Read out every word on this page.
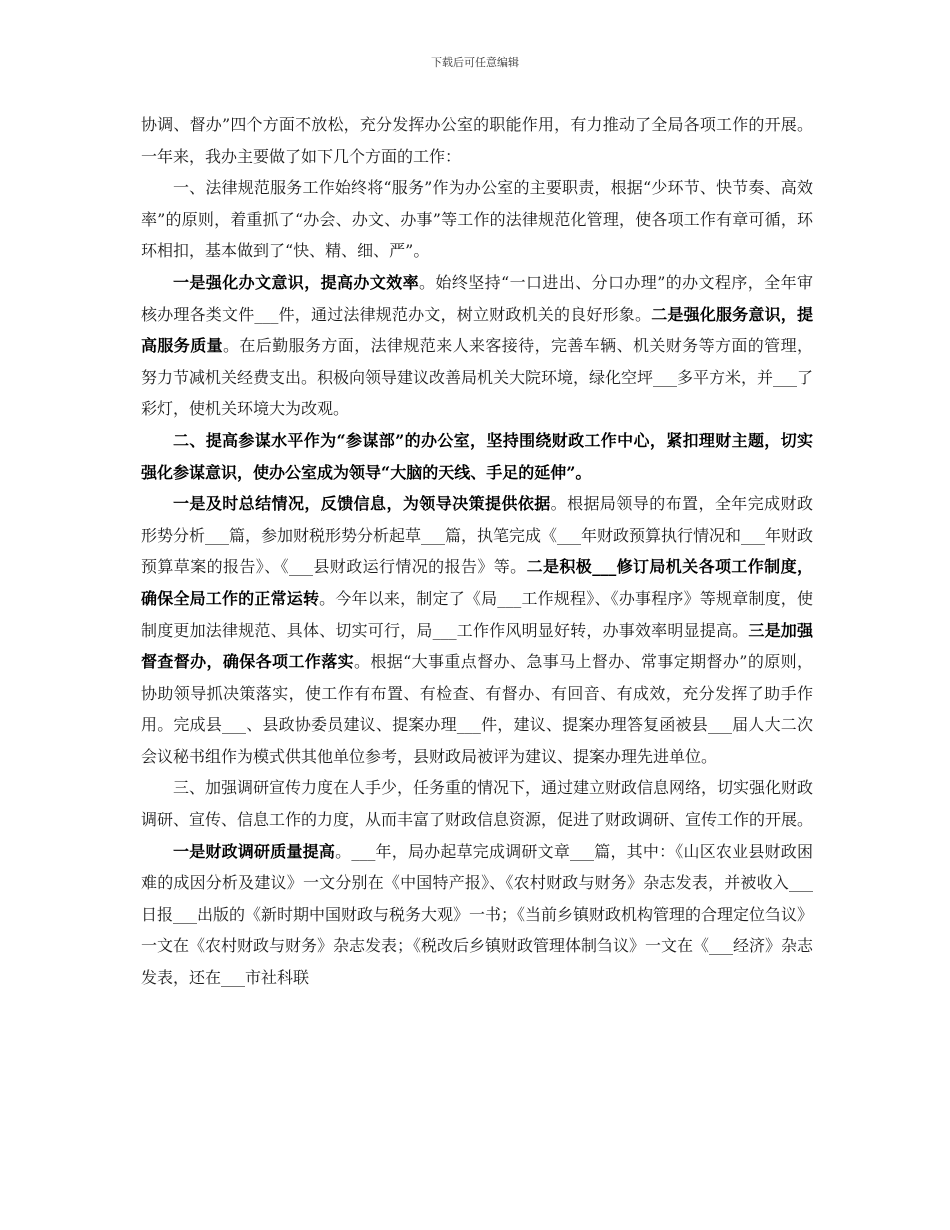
下载后可任意编辑

协调、督办”四个方面不放松，充分发挥办公室的职能作用，有力推动了全局各项工作的开展。一年来，我办主要做了如下几个方面的工作：

一、法律规范服务工作始终将“服务”作为办公室的主要职责，根据“少环节、快节奏、高效率”的原则，着重抓了“办会、办文、办事”等工作的法律规范化管理，使各项工作有章可循，环环相扣，基本做到了“快、精、细、严”。

一是强化办文意识，提高办文效率。始终坚持“一口进出、分口办理”的办文程序，全年审核办理各类文件___件，通过法律规范办文，树立财政机关的良好形象。二是强化服务意识，提高服务质量。在后勤服务方面，法律规范来人来客接待，完善车辆、机关财务等方面的管理，努力节减机关经费支出。积极向领导建议改善局机关大院环境，绿化空坪___多平方米，并___了彩灯，使机关环境大为改观。

二、提高参谋水平作为“参谋部”的办公室，坚持围绕财政工作中心，紧扣理财主题，切实强化参谋意识，使办公室成为领导“大脑的天线、手足的延伸”。

一是及时总结情况，反馈信息，为领导决策提供依据。根据局领导的布置，全年完成财政形势分析___篇，参加财税形势分析起草___篇，执笔完成《___年财政预算执行情况和___年财政预算草案的报告》、《___县财政运行情况的报告》等。二是积极___修订局机关各项工作制度，确保全局工作的正常运转。今年以来，制定了《局___工作规程》、《办事程序》等规章制度，使制度更加法律规范、具体、切实可行，局___工作作风明显好转，办事效率明显提高。三是加强督查督办，确保各项工作落实。根据“大事重点督办、急事马上督办、常事定期督办”的原则，协助领导抓决策落实，使工作有布置、有检查、有督办、有回音、有成效，充分发挥了助手作用。完成县___、县政协委员建议、提案办理___件，建议、提案办理答复函被县___届人大二次会议秘书组作为模式供其他单位参考，县财政局被评为建议、提案办理先进单位。

三、加强调研宣传力度在人手少，任务重的情况下，通过建立财政信息网络，切实强化财政调研、宣传、信息工作的力度，从而丰富了财政信息资源，促进了财政调研、宣传工作的开展。

一是财政调研质量提高。___年，局办起草完成调研文章___篇，其中：《山区农业县财政困难的成因分析及建议》一文分别在《中国特产报》、《农村财政与财务》杂志发表，并被收入___日报___出版的《新时期中国财政与税务大观》一书；《当前乡镇财政机构管理的合理定位刍议》一文在《农村财政与财务》杂志发表；《税改后乡镇财政管理体制刍议》一文在《___经济》杂志发表，还在___市社科联
